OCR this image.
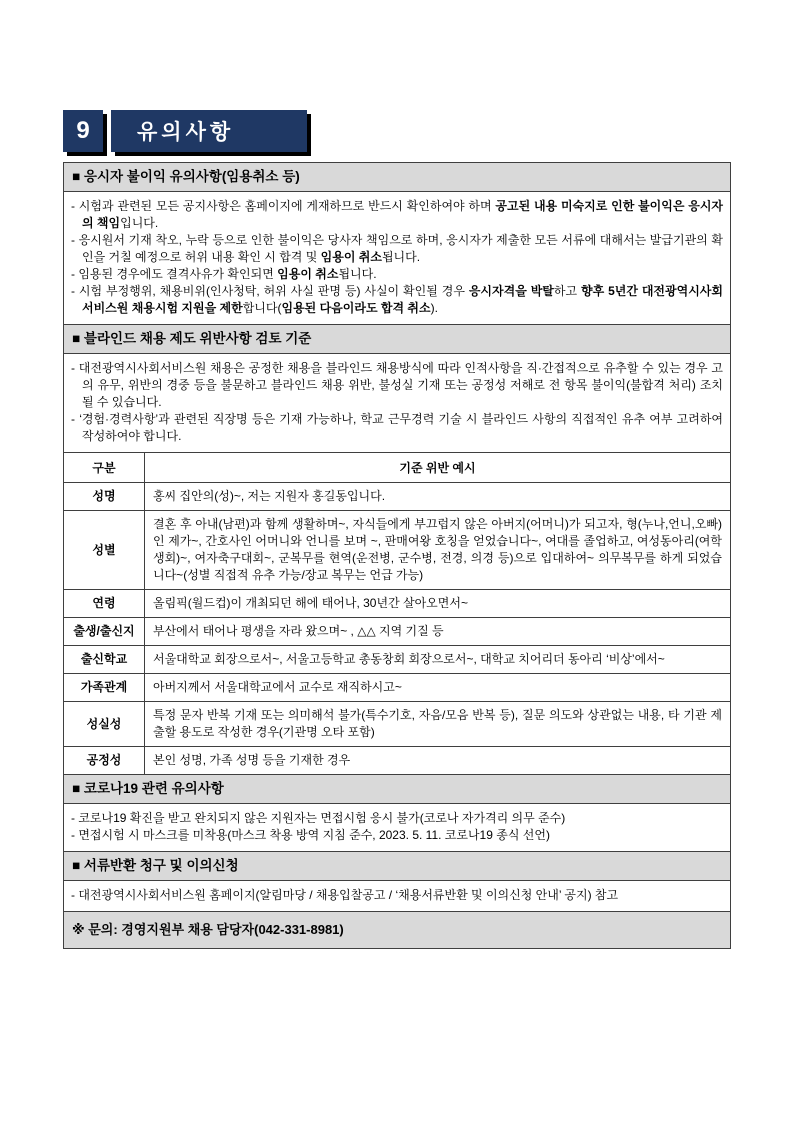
9	유의사항
■ 응시자 불이익 유의사항(임용취소 등)
- 시험과 관련된 모든 공지사항은 홈페이지에 게재하므로 반드시 확인하여야 하며 공고된 내용 미숙지로 인한 불이익은 응시자의 책임입니다.
- 응시원서 기재 착오, 누락 등으로 인한 불이익은 당사자 책임으로 하며, 응시자가 제출한 모든 서류에 대해서는 발급기관의 확인을 거칠 예정으로 허위 내용 확인 시 합격 및 임용이 취소됩니다.
- 임용된 경우에도 결격사유가 확인되면 임용이 취소됩니다.
- 시험 부정행위, 채용비위(인사청탁, 허위 사실 판명 등) 사실이 확인될 경우 응시자격을 박탈하고 향후 5년간 대전광역시사회서비스원 채용시험 지원을 제한합니다(임용된 다음이라도 합격 취소).
■ 블라인드 채용 제도 위반사항 검토 기준
- 대전광역시사회서비스원 채용은 공정한 채용을 블라인드 채용방식에 따라 인적사항을 직·간접적으로 유추할 수 있는 경우 고의 유무, 위반의 경중 등을 불문하고 블라인드 채용 위반, 불성실 기재 또는 공정성 저해로 전 항목 불이익(불합격 처리) 조치 될 수 있습니다.
- ‘경험·경력사항’과 관련된 직장명 등은 기재 가능하나, 학교 근무경력 기술 시 블라인드 사항의 직접적인 유추 여부 고려하여 작성하여야 합니다.
구분	기준 위반 예시
성명	홍씨 집안의(성)~, 저는 지원자 홍길동입니다.
성별	결혼 후 아내(남편)과 함께 생활하며~, 자식들에게 부끄럽지 않은 아버지(어머니)가 되고자, 형(누나,언니,오빠)인 제가~, 간호사인 어머니와 언니를 보며 ~, 판매여왕 호칭을 얻었습니다~, 여대를 졸업하고, 여성동아리(여학생회)~, 여자축구대회~, 군복무를 현역(운전병, 군수병, 전경, 의경 등)으로 입대하여~ 의무복무를 하게 되었습니다~(성별 직접적 유추 가능/장교 복무는 언급 가능)
연령	올림픽(월드컵)이 개최되던 해에 태어나, 30년간 살아오면서~
출생/출신지	부산에서 태어나 평생을 자라 왔으며~ , △△ 지역 기질 등
출신학교	서울대학교 회장으로서~, 서울고등학교 총동창회 회장으로서~, 대학교 치어리더 동아리 ‘비상’에서~
가족관계	아버지께서 서울대학교에서 교수로 재직하시고~
성실성	특정 문자 반복 기재 또는 의미해석 불가(특수기호, 자음/모음 반복 등), 질문 의도와 상관없는 내용, 타 기관 제출할 용도로 작성한 경우(기관명 오타 포함)
공정성	본인 성명, 가족 성명 등을 기재한 경우
■ 코로나19 관련 유의사항
- 코로나19 확진을 받고 완치되지 않은 지원자는 면접시험 응시 불가(코로나 자가격리 의무 준수)
- 면접시험 시 마스크를 미착용(마스크 착용 방역 지침 준수, 2023. 5. 11. 코로나19 종식 선언)
■ 서류반환 청구 및 이의신청
- 대전광역시사회서비스원 홈페이지(알림마당 / 채용입찰공고 / ‘채용서류반환 및 이의신청 안내’ 공지) 참고
※ 문의: 경영지원부 채용 담당자(042-331-8981)
